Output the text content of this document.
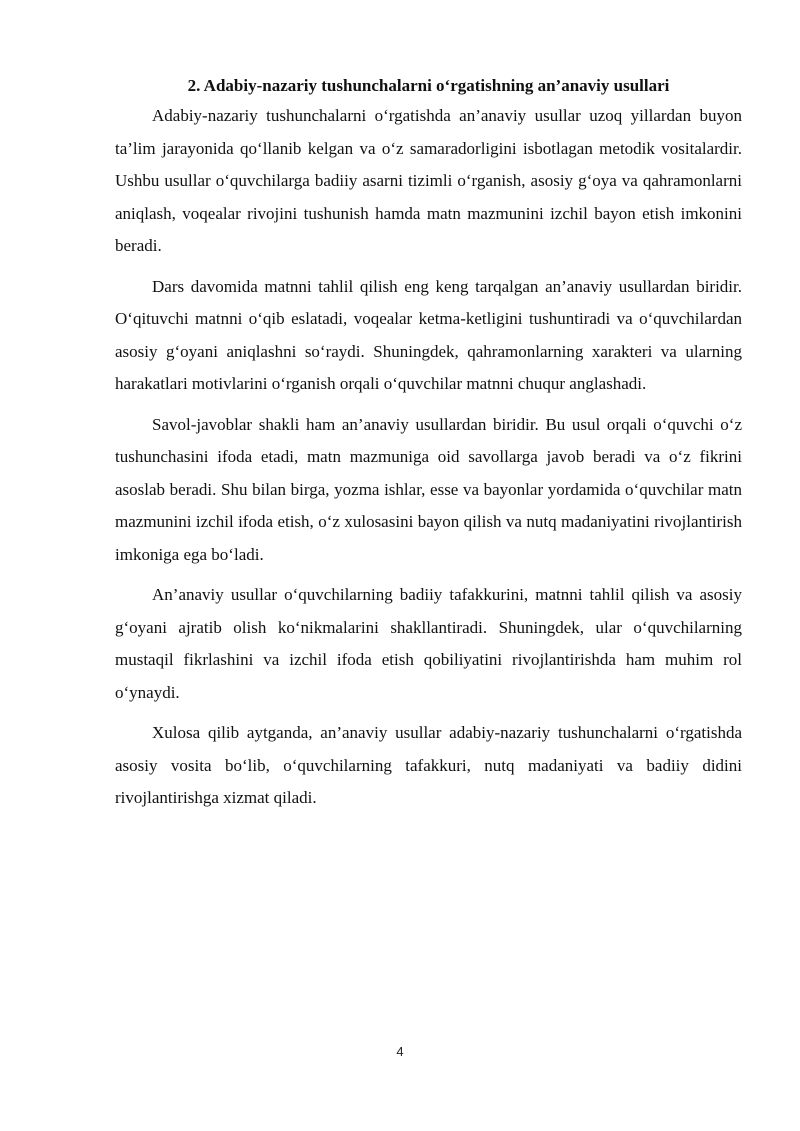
2. Adabiy-nazariy tushunchalarni o‘rgatishning an’anaviy usullari

Adabiy-nazariy tushunchalarni o‘rgatishda an’anaviy usullar uzoq yillardan buyon ta’lim jarayonida qo‘llanib kelgan va o‘z samaradorligini isbotlagan metodik vositalardir. Ushbu usullar o‘quvchilarga badiiy asarni tizimli o‘rganish, asosiy g‘oya va qahramonlarni aniqlash, voqealar rivojini tushunish hamda matn mazmunini izchil bayon etish imkonini beradi.

Dars davomida matnni tahlil qilish eng keng tarqalgan an’anaviy usullardan biridir. O‘qituvchi matnni o‘qib eslatadi, voqealar ketma-ketligini tushuntiradi va o‘quvchilardan asosiy g‘oyani aniqlashni so‘raydi. Shuningdek, qahramonlarning xarakteri va ularning harakatlari motivlarini o‘rganish orqali o‘quvchilar matnni chuqur anglashadi.

Savol-javoblar shakli ham an’anaviy usullardan biridir. Bu usul orqali o‘quvchi o‘z tushunchasini ifoda etadi, matn mazmuniga oid savollarga javob beradi va o‘z fikrini asoslab beradi. Shu bilan birga, yozma ishlar, esse va bayonlar yordamida o‘quvchilar matn mazmunini izchil ifoda etish, o‘z xulosasini bayon qilish va nutq madaniyatini rivojlantirish imkoniga ega bo‘ladi.

An’anaviy usullar o‘quvchilarning badiiy tafakkurini, matnni tahlil qilish va asosiy g‘oyani ajratib olish ko‘nikmalarini shakllantiradi. Shuningdek, ular o‘quvchilarning mustaqil fikrlashini va izchil ifoda etish qobiliyatini rivojlantirishda ham muhim rol o‘ynaydi.

Xulosa qilib aytganda, an’anaviy usullar adabiy-nazariy tushunchalarni o‘rgatishda asosiy vosita bo‘lib, o‘quvchilarning tafakkuri, nutq madaniyati va badiiy didini rivojlantirishga xizmat qiladi.

4
